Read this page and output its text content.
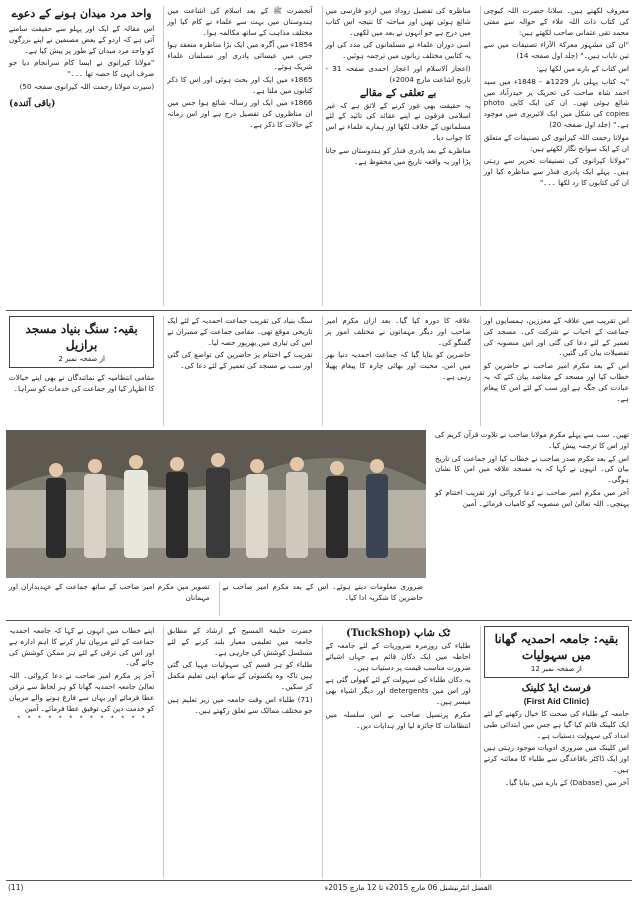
معروف لکھتے ہیں۔ سلانا حضرت اللہ کیوچی کی کتاب ذات اللہ علاء کے حوالہ سے مفتی محمد تقی عثمانی صاحب لکھتے ہیں:

"ان کی مشہور معرکۃ الآراء تصنیفات میں سے تین نایاب ہیں۔" (جلد اول صفحہ 14)

اس کتاب کے بارے میں لکھا ہے:

"یہ کتاب پہلی بار 1229ھ - 1848ء میں سید احمد شاہ صاحب کی تحریک پر حیدرآباد میں شائع ہوئی تھی۔ ان کی ایک کاپی photo copies کی شکل میں ایک لائبریری میں موجود ہے۔" (جلد اول صفحہ 20)

مولانا رحمت اللہ کیرانوی کی تصنیفات کے متعلق ان کے ایک سوانح نگار لکھتے ہیں:

"مولانا کیرانوی کی تصنیفات تحریر سے رہتی ہیں۔ پہلے ایک پادری فنڈر سے مناظرہ کیا اور ان کی کتابوں کا رد لکھا ۔۔۔"

مناظرہ کی تفصیل روداد میں اردو فارسی میں شائع ہوئی تھیں اور مباحثہ کا نتیجہ اس کتاب میں درج ہے جو انہوں نے بعد میں لکھی۔

اسی دوران علماء نے مسلمانوں کی مدد کی اور یہ کتابیں مختلف زبانوں میں ترجمہ ہوئیں۔

(اعجاز الاسلام اور اعجاز احمدی صفحہ 31 - تاریخ اشاعت مارچ 2004ء)

بے تعلقی کے مقالے

یہ حقیقت بھی غور کرنے کے لائق ہے کہ غیر اسلامی فرقوں نے اپنے عقائد کی تائید کے لئے مسلمانوں کے خلاف لکھا اور ہمارے علماء نے اس کا جواب دیا۔

مناظرے کے بعد پادری فنڈر کو ہندوستان سے جانا پڑا اور یہ واقعہ تاریخ میں محفوظ ہے۔

آنحضرت ﷺ کے بعد اسلام کی اشاعت میں ہندوستان میں بہت سے علماء نے کام کیا اور مختلف مذاہب کے ساتھ مکالمہ ہوا۔

1854ء میں آگرہ میں ایک بڑا مناظرہ منعقد ہوا جس میں عیسائی پادری اور مسلمان علماء شریک ہوئے۔

1865ء میں ایک اور بحث ہوئی اور اس کا ذکر کتابوں میں ملتا ہے۔

1866ء میں ایک اور رسالہ شائع ہوا جس میں ان مناظروں کی تفصیل درج ہے اور اس زمانہ کے حالات کا ذکر ہے۔

واحد مرد میدان ہونے کے دعوے

اس مقالہ کے ایک اور پہلو سے حقیقت سامنے آتی ہے کہ اردو کے بعض مصنفین نے اپنے بزرگوں کو واحد مرد میدان کے طور پر پیش کیا ہے۔

"مولانا کیرانوی نے ایسا کام سرانجام دیا جو صرف انہی کا حصہ تھا ۔۔۔"

(سیرت مولانا رحمت اللہ کیرانوی صفحہ 50)

(باقی آئندہ)

اس تقریب میں علاقہ کے معززین، ہمسایوں اور جماعت کے احباب نے شرکت کی۔ مسجد کی تعمیر کے لئے دعا کی گئی اور اس منصوبہ کی تفصیلات بیان کی گئیں۔

اس کے بعد مکرم امیر صاحب نے حاضرین کو خطاب کیا اور مسجد کے مقاصد بیان کئے کہ یہ عبادت کی جگہ ہے اور سب کے لئے امن کا پیغام ہے۔

علاقہ کا دورہ کیا گیا۔ بعد ازاں مکرم امیر صاحب اور دیگر مہمانوں نے مختلف امور پر گفتگو کی۔

حاضرین کو بتایا گیا کہ جماعت احمدیہ دنیا بھر میں امن، محبت اور بھائی چارہ کا پیغام پھیلا رہی ہے۔

سنگ بنیاد کی تقریب جماعت احمدیہ کے لئے ایک تاریخی موقع تھی۔ مقامی جماعت کے ممبران نے اس کی تیاری میں بھرپور حصہ لیا۔

تقریب کے اختتام پر حاضرین کی تواضع کی گئی اور سب نے مسجد کی تعمیر کے لئے دعا کی۔

بقیہ: سنگ بنیاد مسجد برازیل
از صفحہ نمبر 2

مقامی انتظامیہ کے نمائندگان نے بھی اپنے خیالات کا اظہار کیا اور جماعت کی خدمات کو سراہا۔

تھیں۔ سب سے پہلے مکرم مولانا صاحب نے تلاوت قرآن کریم کی اور اس کا ترجمہ پیش کیا۔

اس کے بعد مکرم صدر صاحب نے خطاب کیا اور جماعت کی تاریخ بیان کی۔ انہوں نے کہا کہ یہ مسجد علاقہ میں امن کا نشان ہوگی۔

آخر میں مکرم امیر صاحب نے دعا کروائی اور تقریب اختتام کو پہنچی۔ اللہ تعالیٰ اس منصوبہ کو کامیاب فرمائے۔ آمین

ضروری معلومات دیتے ہوئے۔ اس کے بعد مکرم امیر صاحب نے حاضرین کا شکریہ ادا کیا۔

تصویر میں مکرم امیر صاحب کے ساتھ جماعت کے عہدیداران اور مہمانان

بقیہ: جامعہ احمدیہ گھانا میں سہولیات
از صفحہ نمبر 12
فرسٹ ایڈ کلینک
(First Aid Clinic)

جامعہ کے طلباء کی صحت کا خیال رکھنے کے لئے ایک کلینک قائم کیا گیا ہے جس میں ابتدائی طبی امداد کی سہولت دستیاب ہے۔

اس کلینک میں ضروری ادویات موجود رہتی ہیں اور ایک ڈاکٹر باقاعدگی سے طلباء کا معائنہ کرتے ہیں۔

آخر میں (Dabase) کے بارے میں بتایا گیا۔

ٹک شاپ (TuckShop)

طلباء کی روزمرہ ضروریات کے لئے جامعہ کے احاطہ میں ایک دکان قائم ہے جہاں اشیائے ضرورت مناسب قیمت پر دستیاب ہیں۔

یہ دکان طلباء کی سہولت کے لئے کھولی گئی ہے اور اس میں detergents اور دیگر اشیاء بھی میسر ہیں۔

مکرم پرنسپل صاحب نے اس سلسلہ میں انتظامات کا جائزہ لیا اور ہدایات دیں۔

حضرت خلیفۃ المسیح کے ارشاد کے مطابق جامعہ میں تعلیمی معیار بلند کرنے کے لئے مسلسل کوشش کی جارہی ہے۔

طلباء کو ہر قسم کی سہولیات مہیا کی گئی ہیں تاکہ وہ یکسوئی کے ساتھ اپنی تعلیم مکمل کر سکیں۔

(71) طلباء اس وقت جامعہ میں زیر تعلیم ہیں جو مختلف ممالک سے تعلق رکھتے ہیں۔

اپنے خطاب میں انہوں نے کہا کہ جامعہ احمدیہ جماعت کے لئے مربیان تیار کرنے کا اہم ادارہ ہے اور اس کی ترقی کے لئے ہر ممکن کوشش کی جائے گی۔

آخر پر مکرم امیر صاحب نے دعا کروائی۔ اللہ تعالیٰ جامعہ احمدیہ گھانا کو ہر لحاظ سے ترقی عطا فرمائے اور یہاں سے فارغ ہونے والے مربیان کو خدمت دین کی توفیق عطا فرمائے۔ آمین

* * * * * * * * * * * * *
الفضل انٹرنیشنل 06 مارچ 2015ء تا 12 مارچ 2015ء
(11)
